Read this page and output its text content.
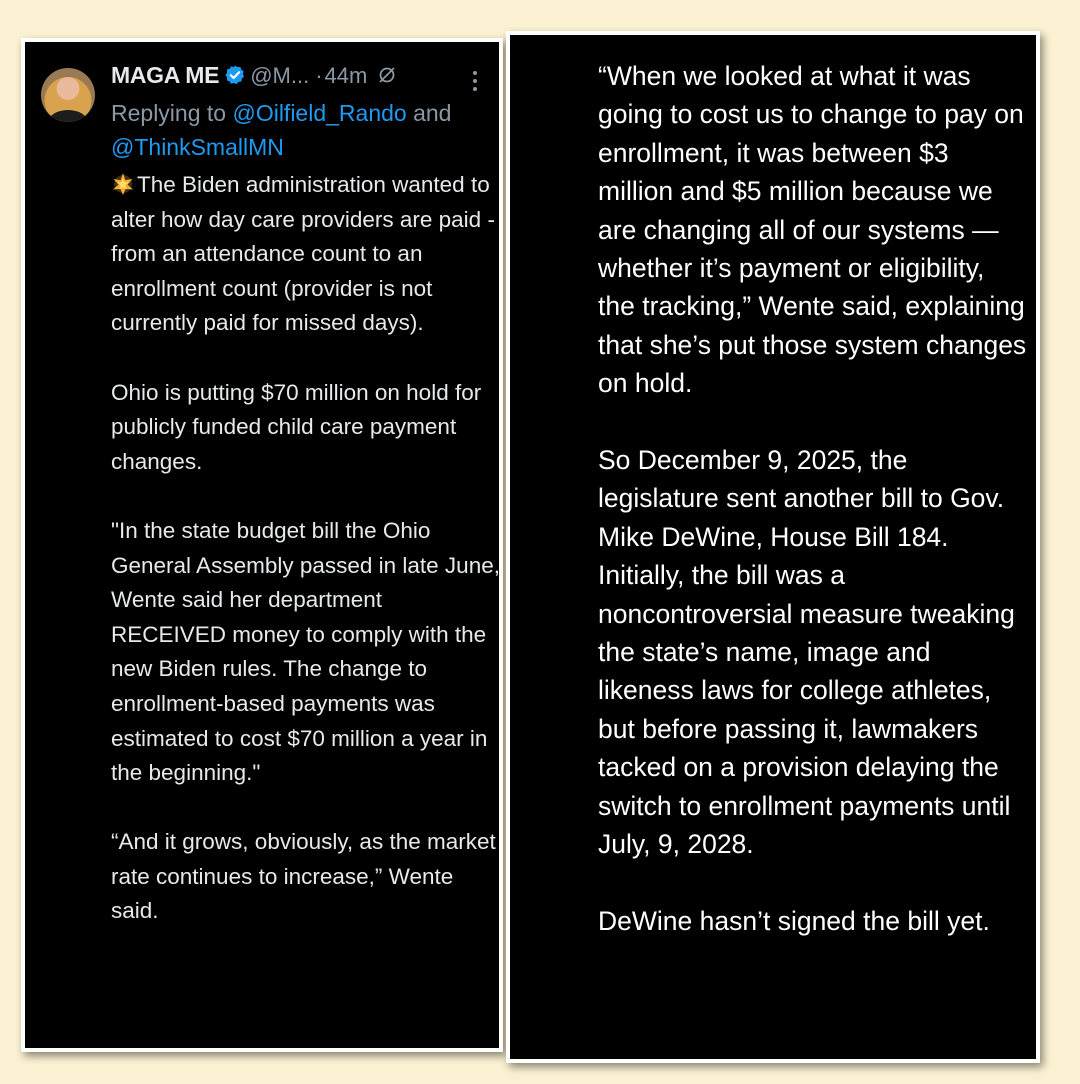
MAGA ME @M... ·44m
Replying to @Oilfield_Rando and @ThinkSmallMN

The Biden administration wanted to alter how day care providers are paid - from an attendance count to an enrollment count (provider is not currently paid for missed days).

Ohio is putting $70 million on hold for publicly funded child care payment changes.

"In the state budget bill the Ohio General Assembly passed in late June, Wente said her department RECEIVED money to comply with the new Biden rules. The change to enrollment-based payments was estimated to cost $70 million a year in the beginning."

“And it grows, obviously, as the market rate continues to increase,” Wente said.

“When we looked at what it was going to cost us to change to pay on enrollment, it was between $3 million and $5 million because we are changing all of our systems — whether it’s payment or eligibility, the tracking,” Wente said, explaining that she’s put those system changes on hold.

So December 9, 2025, the legislature sent another bill to Gov. Mike DeWine, House Bill 184. Initially, the bill was a noncontroversial measure tweaking the state’s name, image and likeness laws for college athletes, but before passing it, lawmakers tacked on a provision delaying the switch to enrollment payments until July, 9, 2028.

DeWine hasn’t signed the bill yet.
